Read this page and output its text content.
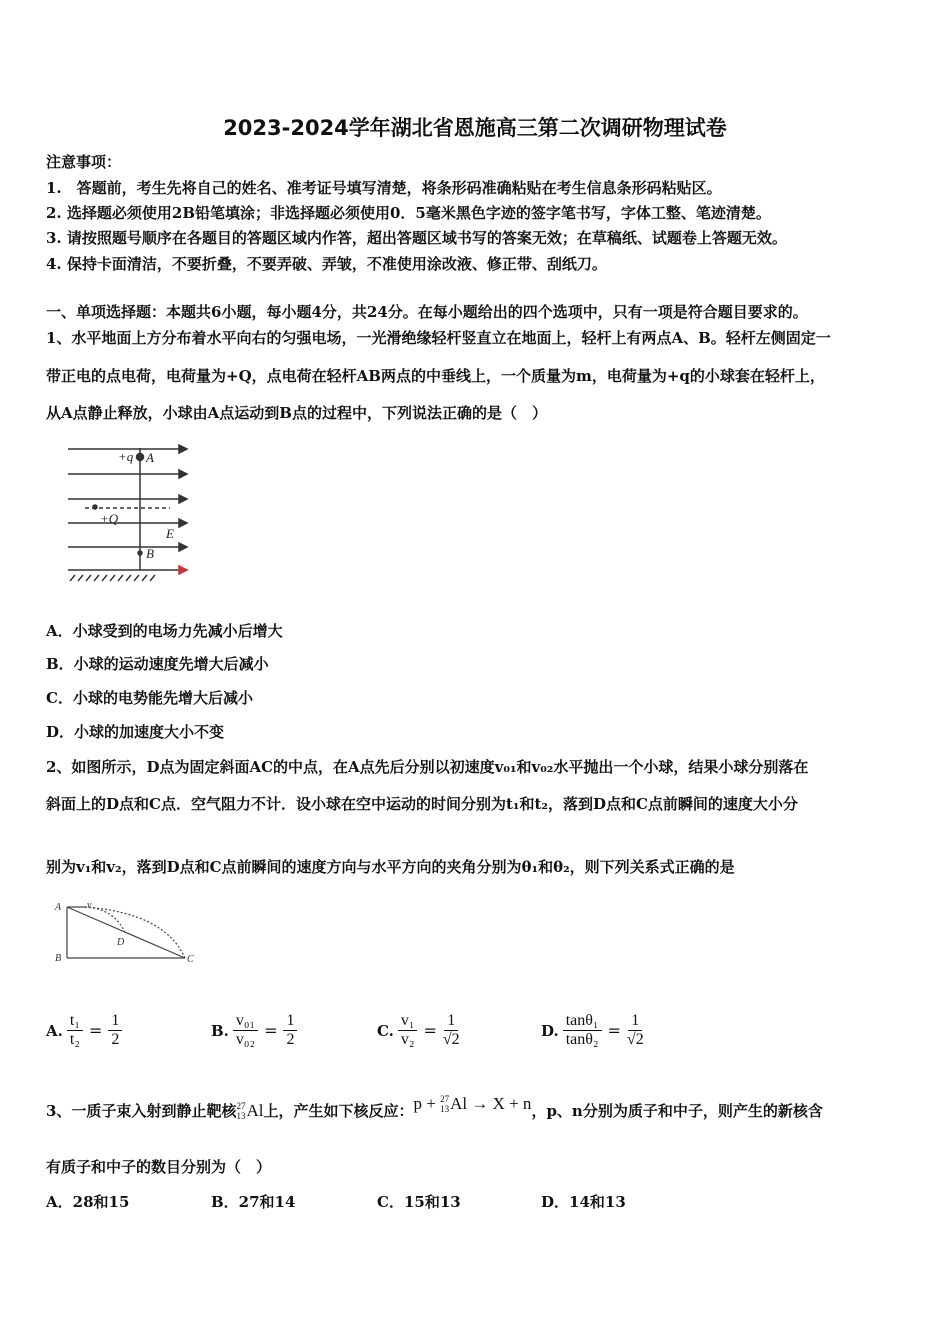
2023-2024学年湖北省恩施高三第二次调研物理试卷
注意事项：
1.　答题前，考生先将自己的姓名、准考证号填写清楚，将条形码准确粘贴在考生信息条形码粘贴区。
2. 选择题必须使用2B铅笔填涂；非选择题必须使用0．5毫米黑色字迹的签字笔书写，字体工整、笔迹清楚。
3. 请按照题号顺序在各题目的答题区域内作答，超出答题区域书写的答案无效；在草稿纸、试题卷上答题无效。
4. 保持卡面清洁，不要折叠，不要弄破、弄皱，不准使用涂改液、修正带、刮纸刀。
一、单项选择题：本题共6小题，每小题4分，共24分。在每小题给出的四个选项中，只有一项是符合题目要求的。
1、水平地面上方分布着水平向右的匀强电场，一光滑绝缘轻杆竖直立在地面上，轻杆上有两点A、B。轻杆左侧固定一
带正电的点电荷，电荷量为+Q，点电荷在轻杆AB两点的中垂线上，一个质量为m，电荷量为+q的小球套在轻杆上，
从A点静止释放，小球由A点运动到B点的过程中，下列说法正确的是（　）
+q A
+Q
E
B
A．小球受到的电场力先减小后增大
B．小球的运动速度先增大后减小
C．小球的电势能先增大后减小
D．小球的加速度大小不变
2、如图所示，D点为固定斜面AC的中点，在A点先后分别以初速度v₀₁和v₀₂水平抛出一个小球，结果小球分别落在
斜面上的D点和C点．空气阻力不计．设小球在空中运动的时间分别为t₁和t₂，落到D点和C点前瞬间的速度大小分
别为v₁和v₂，落到D点和C点前瞬间的速度方向与水平方向的夹角分别为θ₁和θ₂，则下列关系式正确的是
A	v
D
B	C
A. $\frac{\text{t₁}}{\text{t₂}} = \frac{1}{2}$	B. $\frac{\text{v₀₁}}{\text{v₀₂}} = \frac{1}{2}$	C. $\frac{\text{v₁}}{\text{v₂}} = \frac{1}{√2}$	D. $\frac{\text{tanθ₁}}{\text{tanθ₂}} = \frac{1}{√2}$
3、一质子束入射到静止靶核 27
13 Al 上，产生如下核反应： p +
27
13 Al
→ X + n ，p、n分别为质子和中子，则产生的新核含
有质子和中子的数目分别为（　）
A．28和15	B．27和14	C．15和13	D．14和13
